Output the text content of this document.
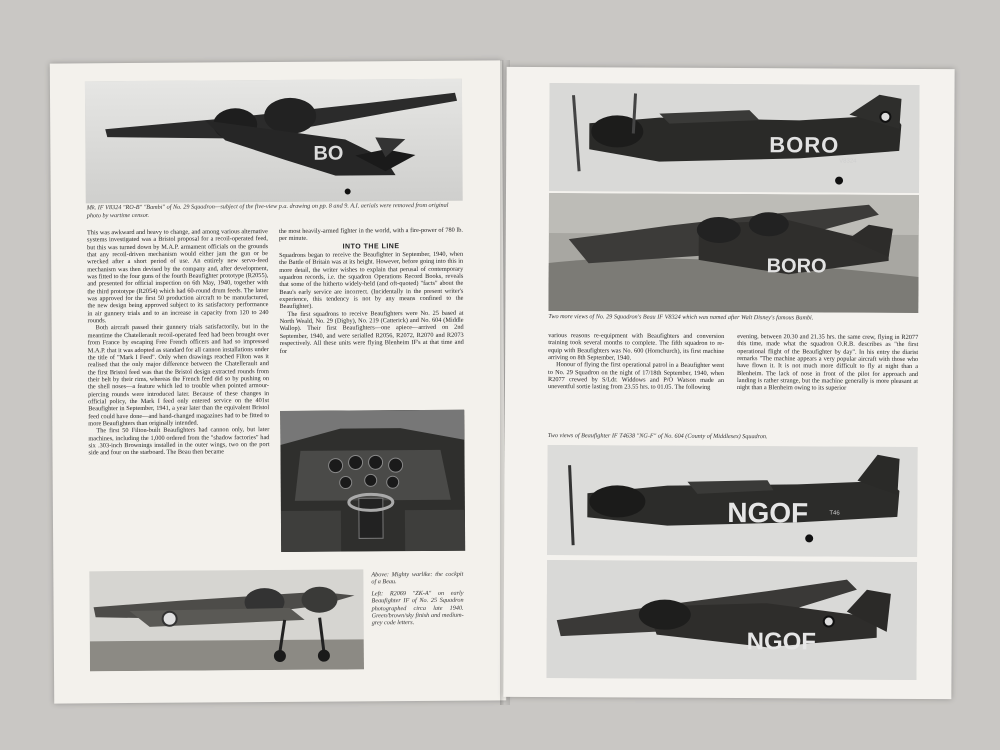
BO

Mk. IF V8324 "RO-B" "Bambi" of No. 29 Squadron—subject of the five-view p.a. drawing on pp. 8 and 9. A.I. aerials were removed from original photo by wartime censor.

This was awkward and heavy to change, and among various alternative systems investigated was a Bristol proposal for a recoil-operated feed, but this was turned down by M.A.P. armament officials on the grounds that any recoil-driven mechanism would either jam the gun or be wrecked after a short period of use. An entirely new servo-feed mechanism was then devised by the company and, after development, was fitted to the four guns of the fourth Beaufighter prototype (R2055), and presented for official inspection on 6th May, 1940, together with the third prototype (R2054) which had 60-round drum feeds. The latter was approved for the first 50 production aircraft to be manufactured, the new design being approved subject to its satisfactory performance in air gunnery trials and to an increase in capacity from 120 to 240 rounds.

Both aircraft passed their gunnery trials satisfactorily, but in the meantime the Chatellerault recoil-operated feed had been brought over from France by escaping Free French officers and had so impressed M.A.P. that it was adopted as standard for all cannon installations under the title of "Mark I Feed". Only when drawings reached Filton was it realised that the only major difference between the Chatellerault and the first Bristol feed was that the Bristol design extracted rounds from their belt by their rims, whereas the French feed did so by pushing on the shell noses—a feature which led to trouble when pointed armour-piercing rounds were introduced later. Because of these changes in official policy, the Mark I feed only entered service on the 401st Beaufighter in September, 1941, a year later than the equivalent Bristol feed could have done—and hand-changed magazines had to be fitted to more Beaufighters than originally intended.

The first 50 Filton-built Beaufighters had cannon only, but later machines, including the 1,000 ordered from the "shadow factories" had six .303-inch Brownings installed in the outer wings, two on the port side and four on the starboard. The Beau then became

the most heavily-armed fighter in the world, with a fire-power of 780 lb. per minute.

INTO THE LINE

Squadrons began to receive the Beaufighter in September, 1940, when the Battle of Britain was at its height. However, before going into this in more detail, the writer wishes to explain that perusal of contemporary squadron records, i.e. the squadron Operations Record Books, reveals that some of the hitherto widely-held (and oft-quoted) "facts" about the Beau's early service are incorrect. (Incidentally in the present writer's experience, this tendency is not by any means confined to the Beaufighter).

The first squadrons to receive Beaufighters were No. 25 based at North Weald, No. 29 (Digby), No. 219 (Catterick) and No. 604 (Middle Wallop). Their first Beaufighters—one apiece—arrived on 2nd September, 1940, and were serialled R2056, R2072, R2070 and R2073 respectively. All these units were flying Blenheim IF's at that time and for

Above: Mighty warlike: the cockpit of a Beau.

Left: R2069 "ZK-A" on early Beaufighter IF of No. 25 Squadron photographed circa late 1940. Green/brown/sky finish and medium-grey code letters.

BORO
V8324
BORO

Two more views of No. 29 Squadron's Beau IF V8324 which was named after Walt Disney's famous Bambi.

various reasons re-equipment with Beaufighters and conversion training took several months to complete. The fifth squadron to re-equip with Beaufighters was No. 600 (Hornchurch), its first machine arriving on 8th September, 1940.

Honour of flying the first operational patrol in a Beaufighter went to No. 29 Squadron on the night of 17/18th September, 1940, when R2077 crewed by S/Ldr. Widdows and P/O Watson made an uneventful sortie lasting from 23.55 hrs. to 01.05. The following

evening, between 20.30 and 21.35 hrs. the same crew, flying in R2077 this time, made what the squadron O.R.B. describes as "the first operational flight of the Beaufighter by day". In his entry the diarist remarks "The machine appears a very popular aircraft with those who have flown it. It is not much more difficult to fly at night than a Blenheim. The lack of nose in front of the pilot for approach and landing is rather strange, but the machine generally is more pleasant at night than a Blenheim owing to its superior

Two views of Beaufighter IF T4638 "NG-F" of No. 604 (County of Middlesex) Squadron.

NGOF	T46
NGOF
